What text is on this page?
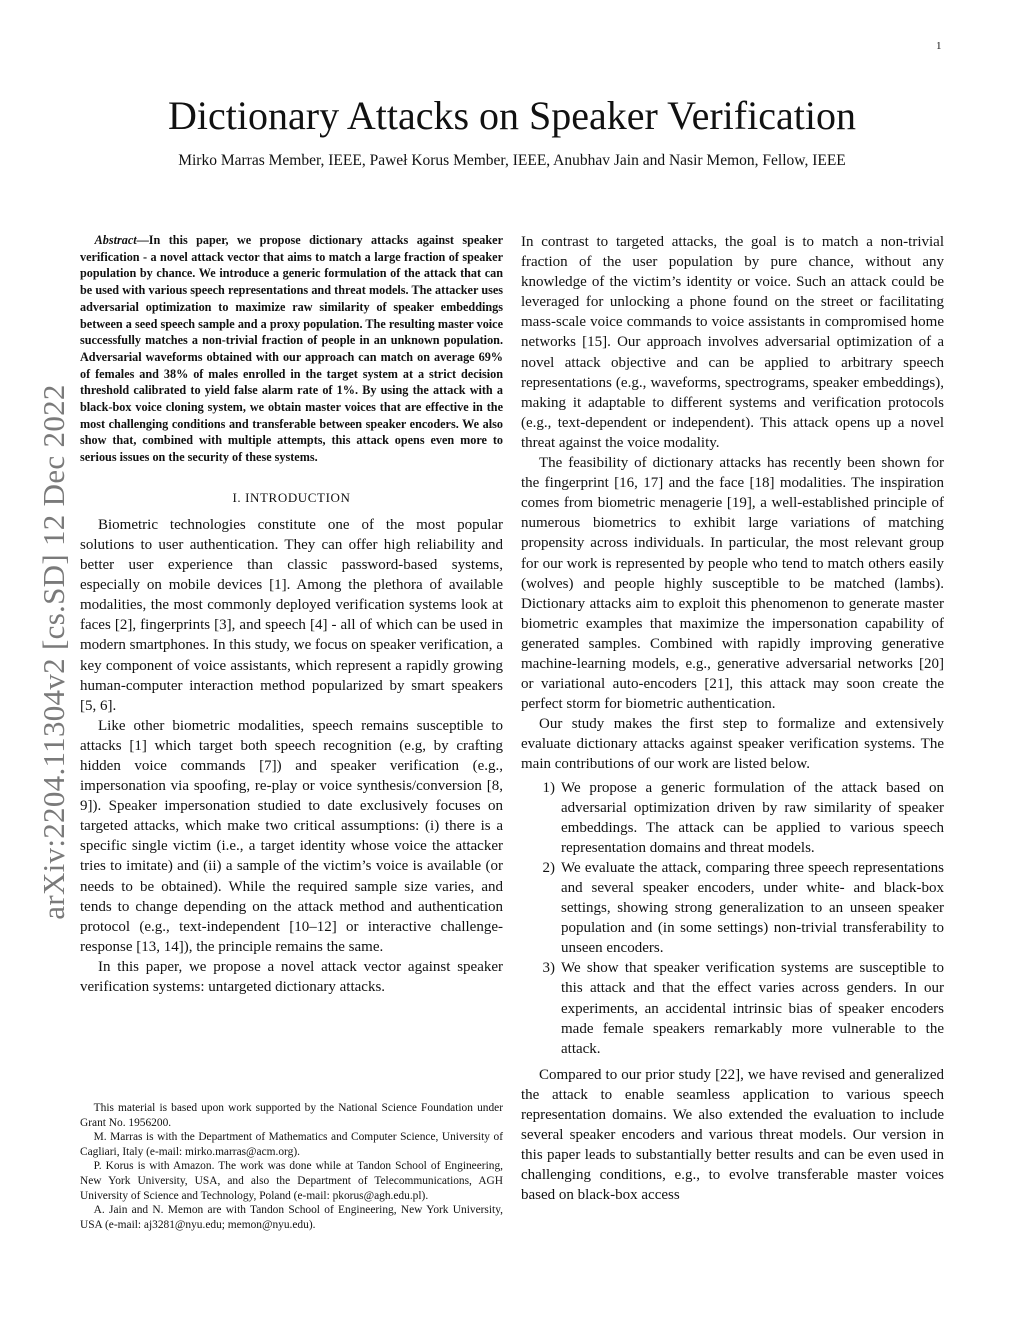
1
arXiv:2204.11304v2 [cs.SD] 12 Dec 2022
Dictionary Attacks on Speaker Verification
Mirko Marras Member, IEEE, Paweł Korus Member, IEEE, Anubhav Jain and Nasir Memon, Fellow, IEEE

Abstract—In this paper, we propose dictionary attacks against speaker verification - a novel attack vector that aims to match a large fraction of speaker population by chance. We introduce a generic formulation of the attack that can be used with various speech representations and threat models. The attacker uses adversarial optimization to maximize raw similarity of speaker embeddings between a seed speech sample and a proxy population. The resulting master voice successfully matches a non-trivial fraction of people in an unknown population. Adversarial waveforms obtained with our approach can match on average 69% of females and 38% of males enrolled in the target system at a strict decision threshold calibrated to yield false alarm rate of 1%. By using the attack with a black-box voice cloning system, we obtain master voices that are effective in the most challenging conditions and transferable between speaker encoders. We also show that, combined with multiple attempts, this attack opens even more to serious issues on the security of these systems.

I. INTRODUCTION

Biometric technologies constitute one of the most popular solutions to user authentication. They can offer high reliability and better user experience than classic password-based systems, especially on mobile devices [1]. Among the plethora of available modalities, the most commonly deployed verification systems look at faces [2], fingerprints [3], and speech [4] - all of which can be used in modern smartphones. In this study, we focus on speaker verification, a key component of voice assistants, which represent a rapidly growing human-computer interaction method popularized by smart speakers [5, 6].

Like other biometric modalities, speech remains susceptible to attacks [1] which target both speech recognition (e.g, by crafting hidden voice commands [7]) and speaker verification (e.g., impersonation via spoofing, re-play or voice synthesis/conversion [8, 9]). Speaker impersonation studied to date exclusively focuses on targeted attacks, which make two critical assumptions: (i) there is a specific single victim (i.e., a target identity whose voice the attacker tries to imitate) and (ii) a sample of the victim’s voice is available (or needs to be obtained). While the required sample size varies, and tends to change depending on the attack method and authentication protocol (e.g., text-independent [10–12] or interactive challenge-response [13, 14]), the principle remains the same.

In this paper, we propose a novel attack vector against speaker verification systems: untargeted dictionary attacks.

This material is based upon work supported by the National Science Foundation under Grant No. 1956200.

M. Marras is with the Department of Mathematics and Computer Science, University of Cagliari, Italy (e-mail: mirko.marras@acm.org).

P. Korus is with Amazon. The work was done while at Tandon School of Engineering, New York University, USA, and also the Department of Telecommunications, AGH University of Science and Technology, Poland (e-mail: pkorus@agh.edu.pl).

A. Jain and N. Memon are with Tandon School of Engineering, New York University, USA (e-mail: aj3281@nyu.edu; memon@nyu.edu).

In contrast to targeted attacks, the goal is to match a non-trivial fraction of the user population by pure chance, without any knowledge of the victim’s identity or voice. Such an attack could be leveraged for unlocking a phone found on the street or facilitating mass-scale voice commands to voice assistants in compromised home networks [15]. Our approach involves adversarial optimization of a novel attack objective and can be applied to arbitrary speech representations (e.g., waveforms, spectrograms, speaker embeddings), making it adaptable to different systems and verification protocols (e.g., text-dependent or independent). This attack opens up a novel threat against the voice modality.

The feasibility of dictionary attacks has recently been shown for the fingerprint [16, 17] and the face [18] modalities. The inspiration comes from biometric menagerie [19], a well-established principle of numerous biometrics to exhibit large variations of matching propensity across individuals. In particular, the most relevant group for our work is represented by people who tend to match others easily (wolves) and people highly susceptible to be matched (lambs). Dictionary attacks aim to exploit this phenomenon to generate master biometric examples that maximize the impersonation capability of generated samples. Combined with rapidly improving generative machine-learning models, e.g., generative adversarial networks [20] or variational auto-encoders [21], this attack may soon create the perfect storm for biometric authentication.

Our study makes the first step to formalize and extensively evaluate dictionary attacks against speaker verification systems. The main contributions of our work are listed below.

1) We propose a generic formulation of the attack based on adversarial optimization driven by raw similarity of speaker embeddings. The attack can be applied to various speech representation domains and threat models.
2) We evaluate the attack, comparing three speech representations and several speaker encoders, under white- and black-box settings, showing strong generalization to an unseen speaker population and (in some settings) non-trivial transferability to unseen encoders.
3) We show that speaker verification systems are susceptible to this attack and that the effect varies across genders. In our experiments, an accidental intrinsic bias of speaker encoders made female speakers remarkably more vulnerable to the attack.

Compared to our prior study [22], we have revised and generalized the attack to enable seamless application to various speech representation domains. We also extended the evaluation to include several speaker encoders and various threat models. Our version in this paper leads to substantially better results and can be even used in challenging conditions, e.g., to evolve transferable master voices based on black-box access
